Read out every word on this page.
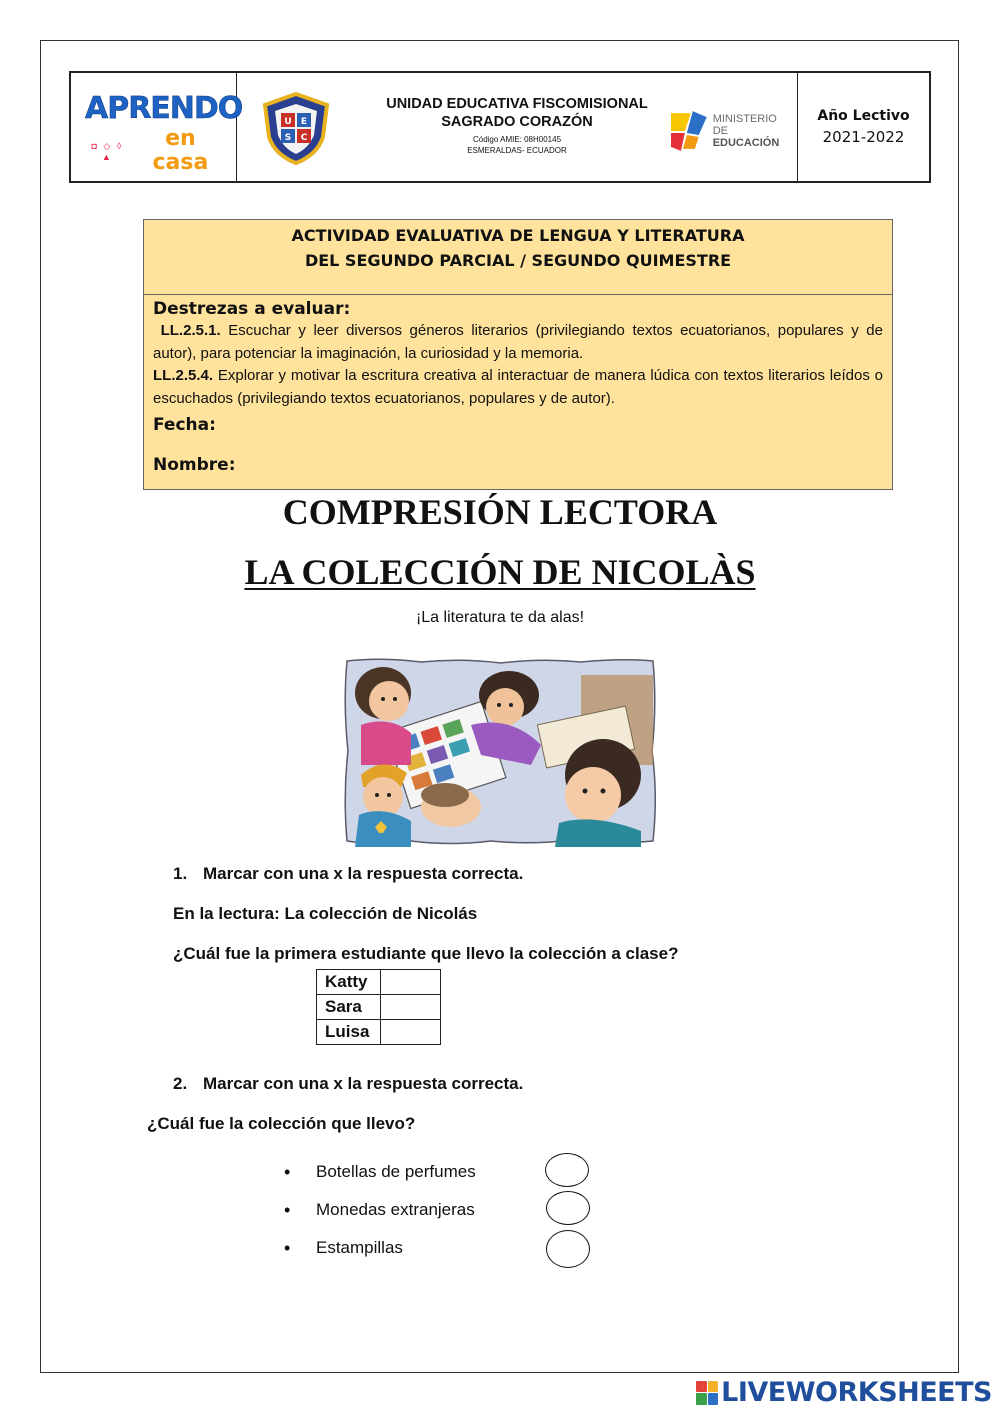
APRENDO
◘ ◇ ◊ ▲
en casa
U E
S C
UNIDAD EDUCATIVA FISCOMISIONAL
SAGRADO CORAZÓN
Código AMIE: 08H00145
ESMERALDAS- ECUADOR
MINISTERIO
DE EDUCACIÓN
Año Lectivo
2021-2022
ACTIVIDAD EVALUATIVA DE LENGUA Y LITERATURA
DEL SEGUNDO PARCIAL / SEGUNDO QUIMESTRE
Destrezas a evaluar:
LL.2.5.1. Escuchar y leer diversos géneros literarios (privilegiando textos ecuatorianos, populares y de autor), para potenciar la imaginación, la curiosidad y la memoria.
LL.2.5.4. Explorar y motivar la escritura creativa al interactuar de manera lúdica con textos literarios leídos o escuchados (privilegiando textos ecuatorianos, populares y de autor).
Fecha:
Nombre:
COMPRESIÓN LECTORA
LA COLECCIÓN DE NICOLÀS
¡La literatura te da alas!
1. Marcar con una x la respuesta correcta.
En la lectura: La colección de Nicolás
¿Cuál fue la primera estudiante que llevo la colección a clase?
Katty	
Sara	
Luisa	
2. Marcar con una x la respuesta correcta.
¿Cuál fue la colección que llevo?
•	Botellas de perfumes
•	Monedas extranjeras
•	Estampillas
LIVEWORKSHEETS
